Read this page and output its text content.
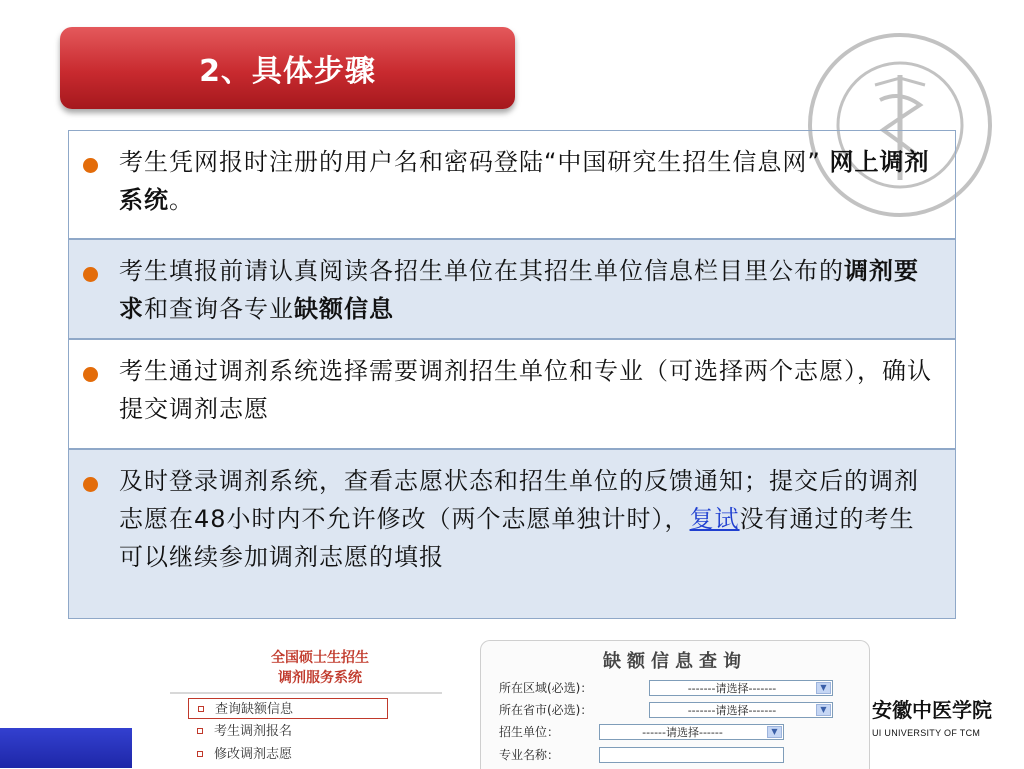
2、具体步骤
考生凭网报时注册的用户名和密码登陆“中国研究生招生信息网” 网上调剂系统。
考生填报前请认真阅读各招生单位在其招生单位信息栏目里公布的调剂要求和查询各专业缺额信息
考生通过调剂系统选择需要调剂招生单位和专业（可选择两个志愿），确认提交调剂志愿
及时登录调剂系统，查看志愿状态和招生单位的反馈通知；提交后的调剂志愿在48小时内不允许修改（两个志愿单独计时），复试没有通过的考生可以继续参加调剂志愿的填报
全国硕士生招生
调剂服务系统
查询缺额信息
考生调剂报名
修改调剂志愿
缺额信息查询
所在区域(必选)：	-------请选择-------	▼
所在省市(必选)：	-------请选择-------	▼
招生单位：	------请选择------	▼
专业名称：
安徽中医学院
UI UNIVERSITY OF TCM
